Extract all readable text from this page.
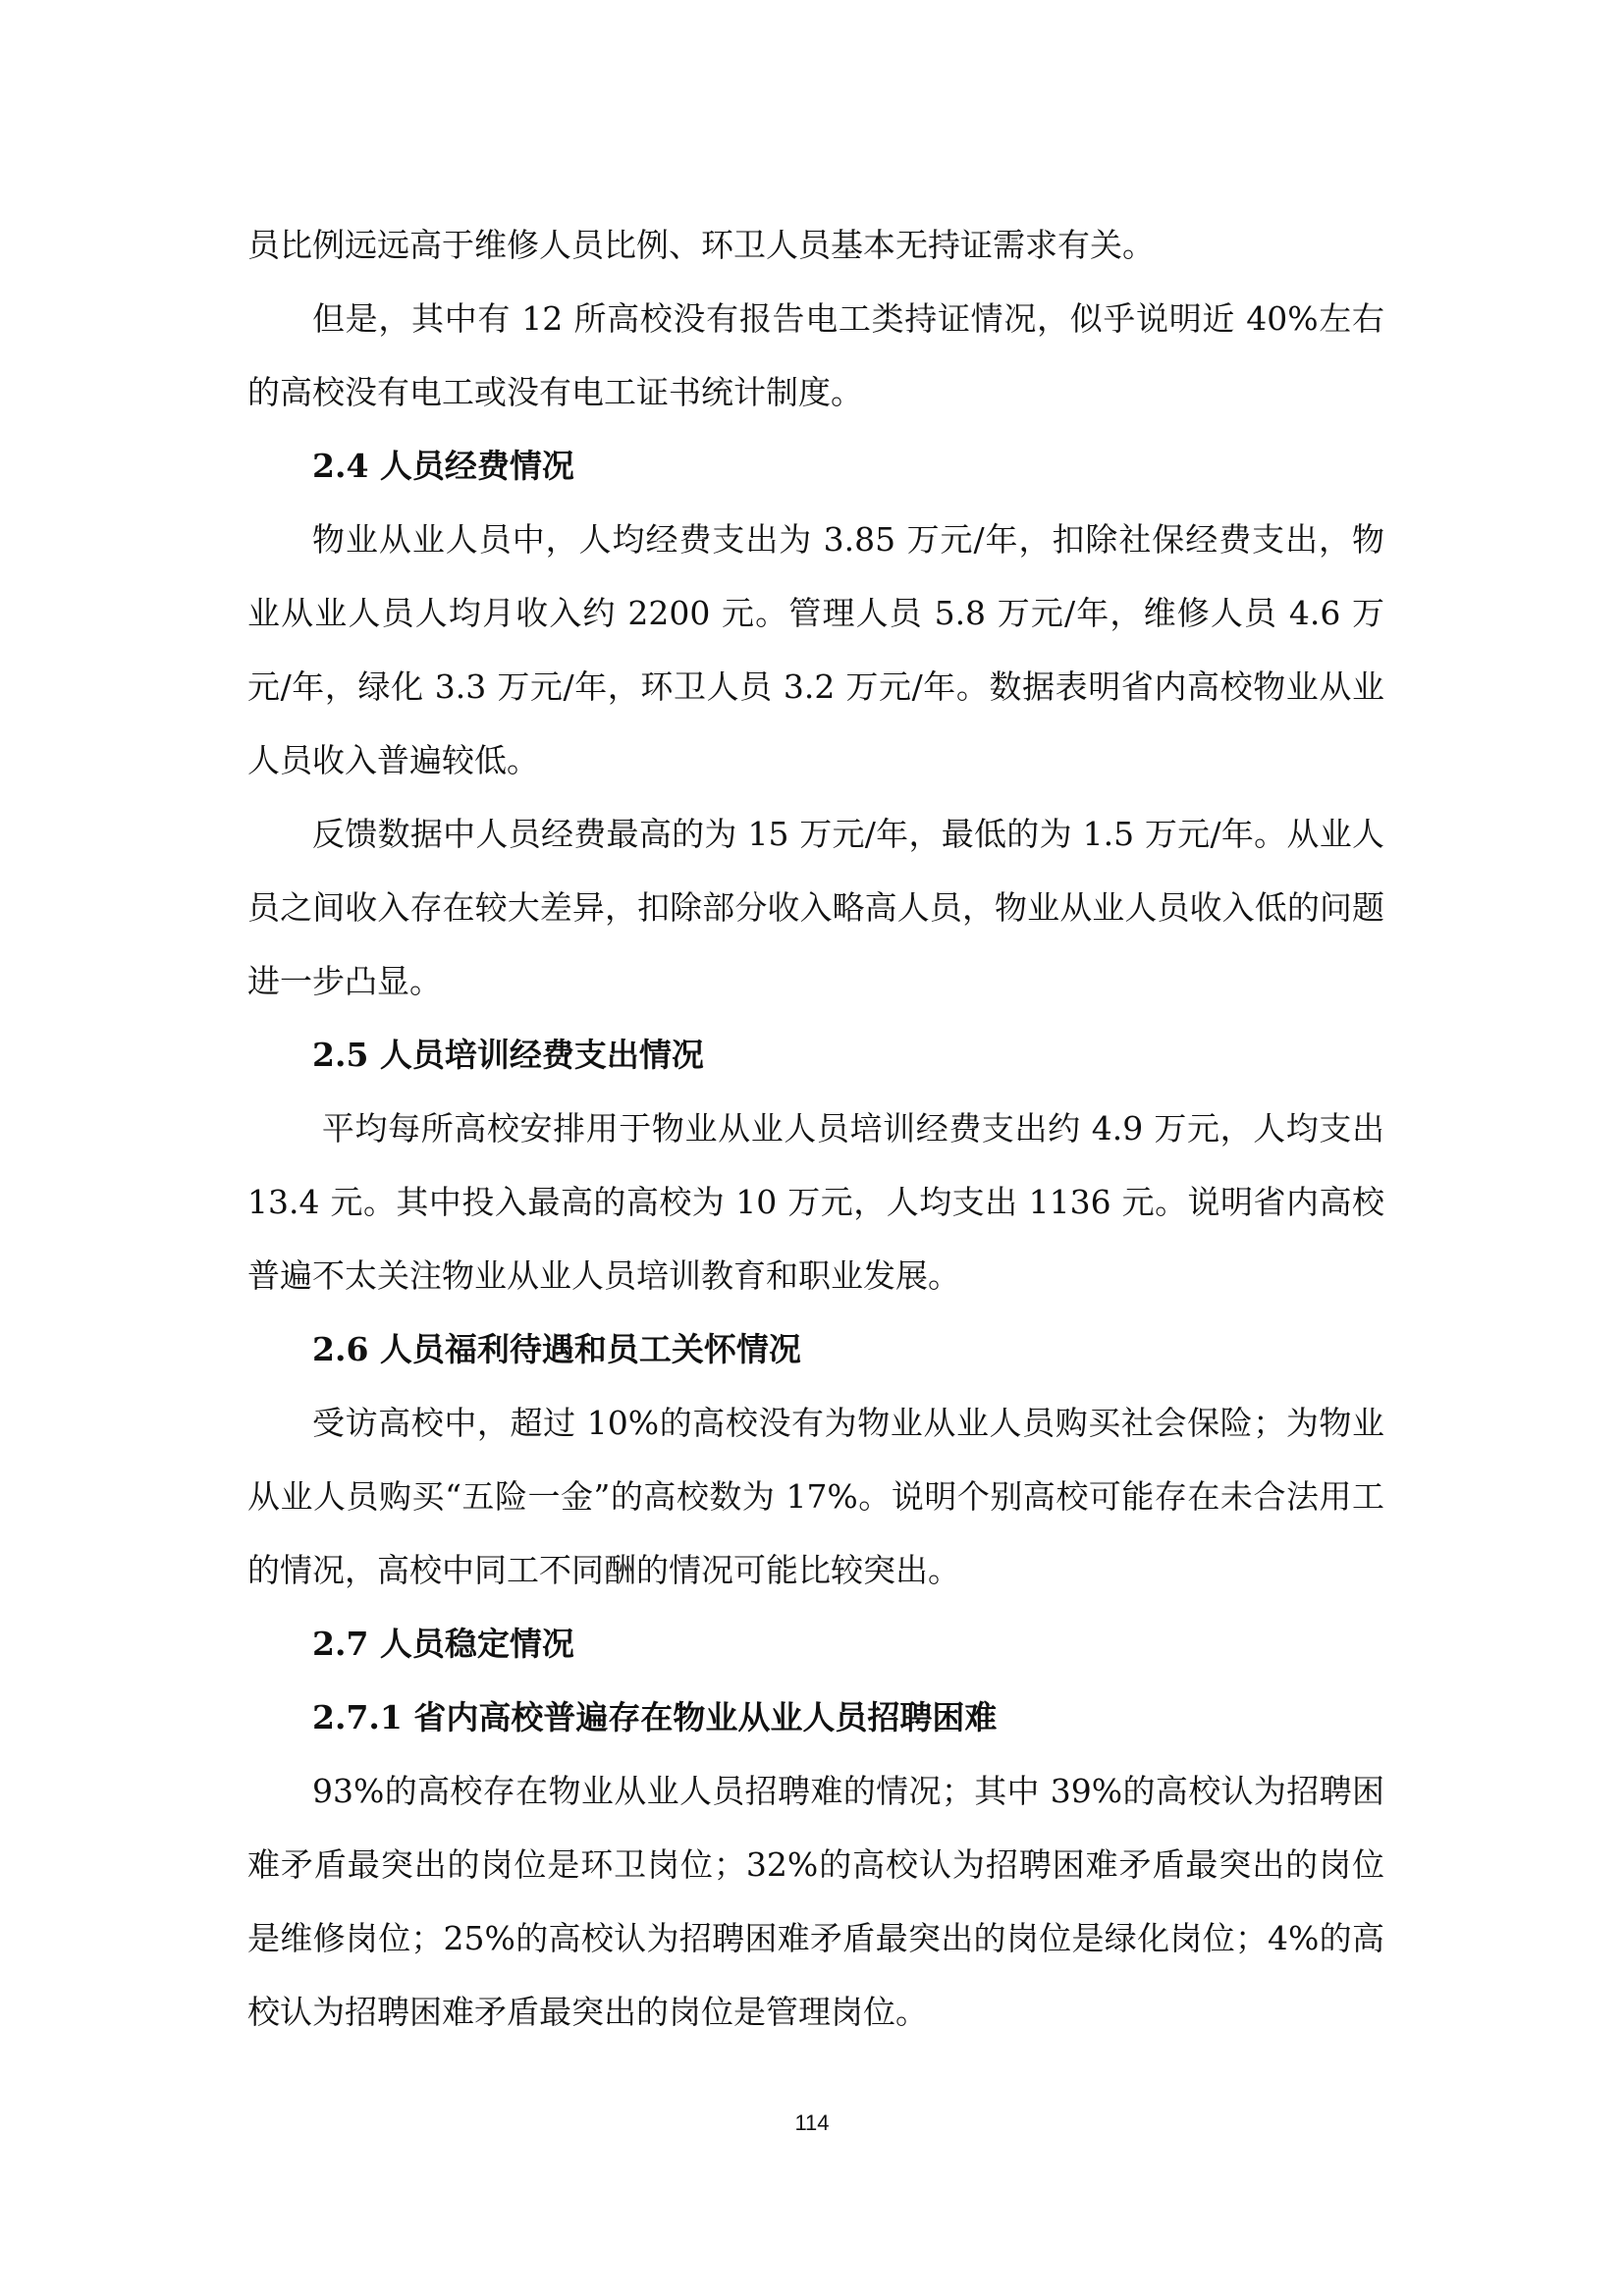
员比例远远高于维修人员比例、环卫人员基本无持证需求有关。

但是，其中有 12 所高校没有报告电工类持证情况，似乎说明近 40%左右的高校没有电工或没有电工证书统计制度。

2.4 人员经费情况

物业从业人员中，人均经费支出为 3.85 万元/年，扣除社保经费支出，物业从业人员人均月收入约 2200 元。管理人员 5.8 万元/年，维修人员 4.6 万元/年，绿化 3.3 万元/年，环卫人员 3.2 万元/年。数据表明省内高校物业从业人员收入普遍较低。

反馈数据中人员经费最高的为 15 万元/年，最低的为 1.5 万元/年。从业人员之间收入存在较大差异，扣除部分收入略高人员，物业从业人员收入低的问题进一步凸显。

2.5 人员培训经费支出情况

平均每所高校安排用于物业从业人员培训经费支出约 4.9 万元，人均支出 13.4 元。其中投入最高的高校为 10 万元，人均支出 1136 元。说明省内高校普遍不太关注物业从业人员培训教育和职业发展。

2.6 人员福利待遇和员工关怀情况

受访高校中，超过 10%的高校没有为物业从业人员购买社会保险；为物业从业人员购买“五险一金”的高校数为 17%。说明个别高校可能存在未合法用工的情况，高校中同工不同酬的情况可能比较突出。

2.7 人员稳定情况

2.7.1 省内高校普遍存在物业从业人员招聘困难

93%的高校存在物业从业人员招聘难的情况；其中 39%的高校认为招聘困难矛盾最突出的岗位是环卫岗位；32%的高校认为招聘困难矛盾最突出的岗位是维修岗位；25%的高校认为招聘困难矛盾最突出的岗位是绿化岗位；4%的高校认为招聘困难矛盾最突出的岗位是管理岗位。

114
